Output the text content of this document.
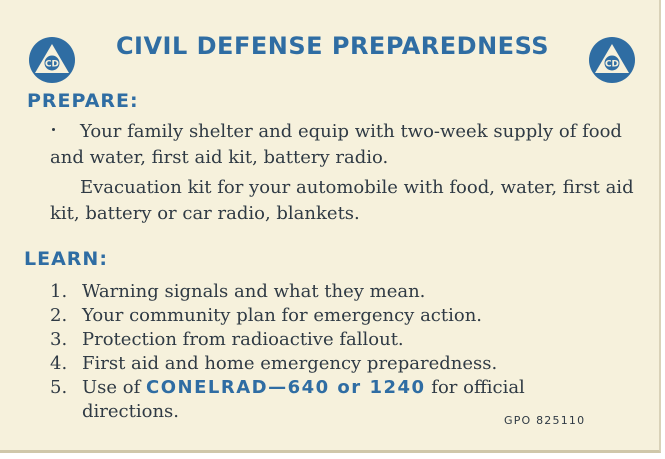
CD
CIVIL DEFENSE PREPAREDNESS
CD
PREPARE:

Your family shelter and equip with two-week supply of food and water, first aid kit, battery radio.

Evacuation kit for your automobile with food, water, first aid kit, battery or car radio, blankets.

LEARN:
1. Warning signals and what they mean.
2. Your community plan for emergency action.
3. Protection from radioactive fallout.
4. First aid and home emergency preparedness.
5. Use of CONELRAD—640 or 1240 for official
directions.	GPO 825110
